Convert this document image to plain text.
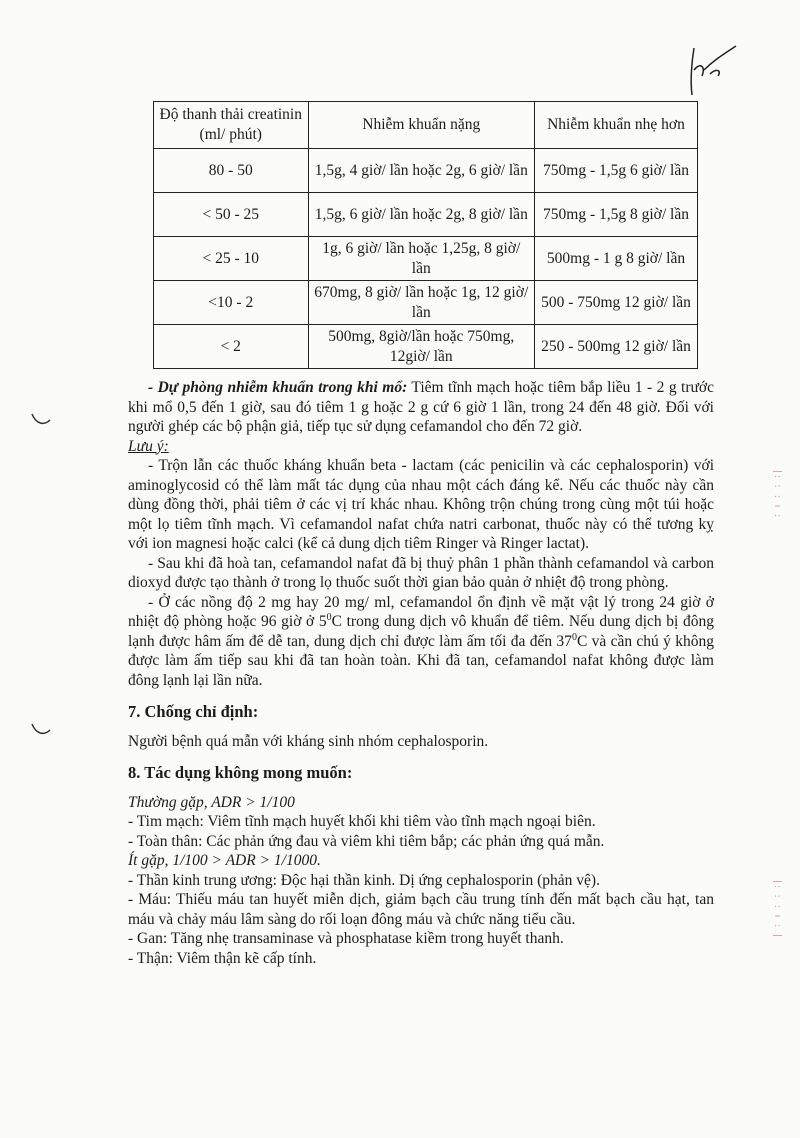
|: ː : ı :
|: ː : ı : |
Độ thanh thải creatinin (ml/ phút)	Nhiễm khuẩn nặng	Nhiễm khuẩn nhẹ hơn
80 - 50	1,5g, 4 giờ/ lần hoặc 2g, 6 giờ/ lần	750mg - 1,5g 6 giờ/ lần
< 50 - 25	1,5g, 6 giờ/ lần hoặc 2g, 8 giờ/ lần	750mg - 1,5g 8 giờ/ lần
< 25 - 10	1g, 6 giờ/ lần hoặc 1,25g, 8 giờ/ lần	500mg - 1 g 8 giờ/ lần
<10 - 2	670mg, 8 giờ/ lần hoặc 1g, 12 giờ/ lần	500 - 750mg 12 giờ/ lần
< 2	500mg, 8giờ/lần hoặc 750mg, 12giờ/ lần	250 - 500mg 12 giờ/ lần

- Dự phòng nhiễm khuẩn trong khi mổ: Tiêm tĩnh mạch hoặc tiêm bắp liều 1 - 2 g trước khi mổ 0,5 đến 1 giờ, sau đó tiêm 1 g hoặc 2 g cứ 6 giờ 1 lần, trong 24 đến 48 giờ. Đối với người ghép các bộ phận giả, tiếp tục sử dụng cefamandol cho đến 72 giờ.

Lưu ý:

- Trộn lẫn các thuốc kháng khuẩn beta - lactam (các penicilin và các cephalosporin) với aminoglycosid có thể làm mất tác dụng của nhau một cách đáng kể. Nếu các thuốc này cần dùng đồng thời, phải tiêm ở các vị trí khác nhau. Không trộn chúng trong cùng một túi hoặc một lọ tiêm tĩnh mạch. Vì cefamandol nafat chứa natri carbonat, thuốc này có thể tương kỵ với ion magnesi hoặc calci (kể cả dung dịch tiêm Ringer và Ringer lactat).

- Sau khi đã hoà tan, cefamandol nafat đã bị thuỷ phân 1 phần thành cefamandol và carbon dioxyd được tạo thành ở trong lọ thuốc suốt thời gian bảo quản ở nhiệt độ trong phòng.

- Ở các nồng độ 2 mg hay 20 mg/ ml, cefamandol ổn định về mặt vật lý trong 24 giờ ở nhiệt độ phòng hoặc 96 giờ ở $5^0C$ trong dung dịch vô khuẩn để tiêm. Nếu dung dịch bị đông lạnh được hâm ấm để dễ tan, dung dịch chỉ được làm ấm tối đa đến $37^0C$ và cần chú ý không được làm ấm tiếp sau khi đã tan hoàn toàn. Khi đã tan, cefamandol nafat không được làm đông lạnh lại lần nữa.

7. Chống chỉ định:

Người bệnh quá mẫn với kháng sinh nhóm cephalosporin.

8. Tác dụng không mong muốn:

Thường gặp, ADR > 1/100

- Tim mạch: Viêm tĩnh mạch huyết khối khi tiêm vào tĩnh mạch ngoại biên.

- Toàn thân: Các phản ứng đau và viêm khi tiêm bắp; các phản ứng quá mẫn.

Ít gặp, 1/100 > ADR > 1/1000.

- Thần kinh trung ương: Độc hại thần kinh. Dị ứng cephalosporin (phản vệ).

- Máu: Thiếu máu tan huyết miễn dịch, giảm bạch cầu trung tính đến mất bạch cầu hạt, tan máu và chảy máu lâm sàng do rối loạn đông máu và chức năng tiểu cầu.

- Gan: Tăng nhẹ transaminase và phosphatase kiềm trong huyết thanh.

- Thận: Viêm thận kẽ cấp tính.
